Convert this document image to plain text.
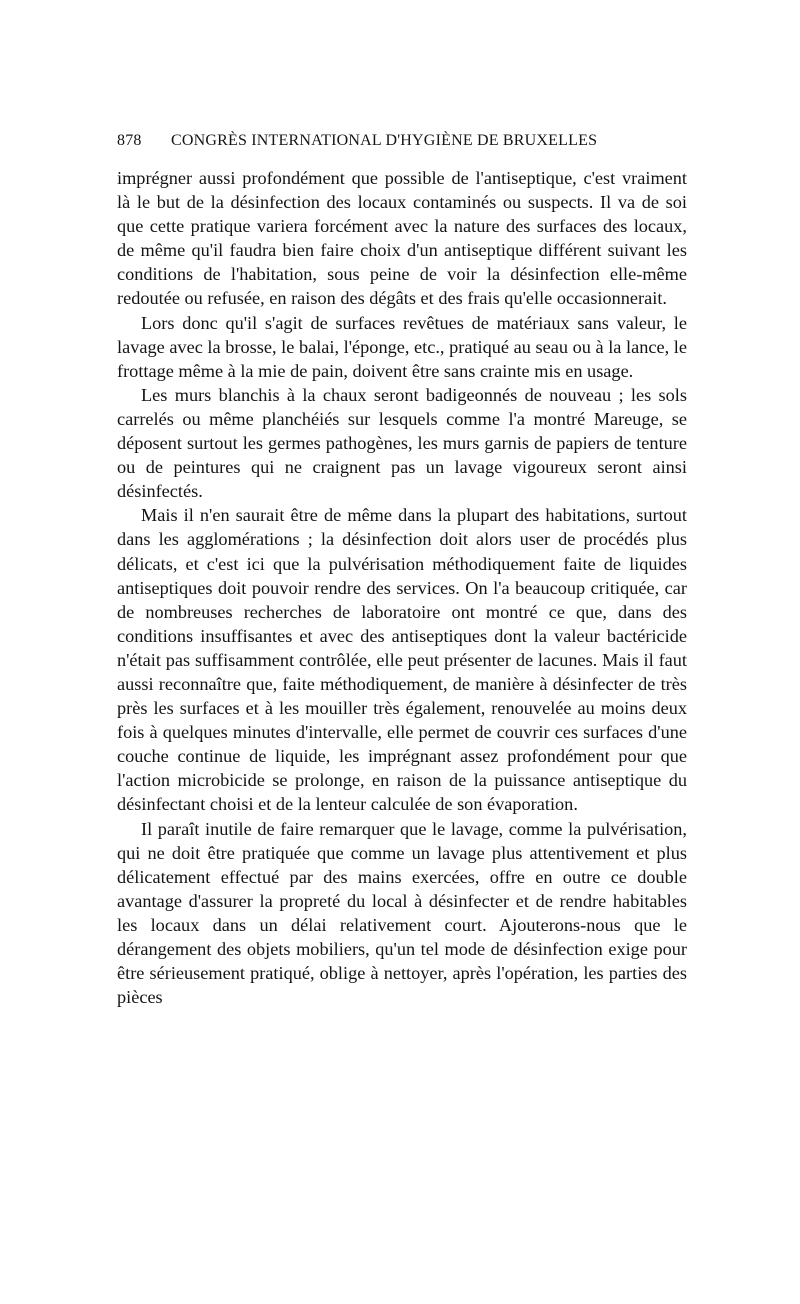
878	CONGRÈS INTERNATIONAL D'HYGIÈNE DE BRUXELLES

imprégner aussi profondément que possible de l'antiseptique, c'est vraiment là le but de la désinfection des locaux contaminés ou suspects. Il va de soi que cette pratique variera forcément avec la nature des surfaces des locaux, de même qu'il faudra bien faire choix d'un antiseptique différent suivant les conditions de l'habitation, sous peine de voir la désinfection elle-même redoutée ou refusée, en raison des dégâts et des frais qu'elle occasionnerait.

Lors donc qu'il s'agit de surfaces revêtues de matériaux sans valeur, le lavage avec la brosse, le balai, l'éponge, etc., pratiqué au seau ou à la lance, le frottage même à la mie de pain, doivent être sans crainte mis en usage.

Les murs blanchis à la chaux seront badigeonnés de nouveau ; les sols carrelés ou même planchéiés sur lesquels comme l'a montré Mareuge, se déposent surtout les germes pathogènes, les murs garnis de papiers de tenture ou de peintures qui ne craignent pas un lavage vigoureux seront ainsi désinfectés.

Mais il n'en saurait être de même dans la plupart des habitations, surtout dans les agglomérations ; la désinfection doit alors user de procédés plus délicats, et c'est ici que la pulvérisation méthodiquement faite de liquides antiseptiques doit pouvoir rendre des services. On l'a beaucoup critiquée, car de nombreuses recherches de laboratoire ont montré ce que, dans des conditions insuffisantes et avec des antiseptiques dont la valeur bactéricide n'était pas suffisamment contrôlée, elle peut présenter de lacunes. Mais il faut aussi reconnaître que, faite méthodiquement, de manière à désinfecter de très près les surfaces et à les mouiller très également, renouvelée au moins deux fois à quelques minutes d'intervalle, elle permet de couvrir ces surfaces d'une couche continue de liquide, les imprégnant assez profondément pour que l'action microbicide se prolonge, en raison de la puissance antiseptique du désinfectant choisi et de la lenteur calculée de son évaporation.

Il paraît inutile de faire remarquer que le lavage, comme la pulvérisation, qui ne doit être pratiquée que comme un lavage plus attentivement et plus délicatement effectué par des mains exercées, offre en outre ce double avantage d'assurer la propreté du local à désinfecter et de rendre habitables les locaux dans un délai relativement court. Ajouterons-nous que le dérangement des objets mobiliers, qu'un tel mode de désinfection exige pour être sérieusement pratiqué, oblige à nettoyer, après l'opération, les parties des pièces
